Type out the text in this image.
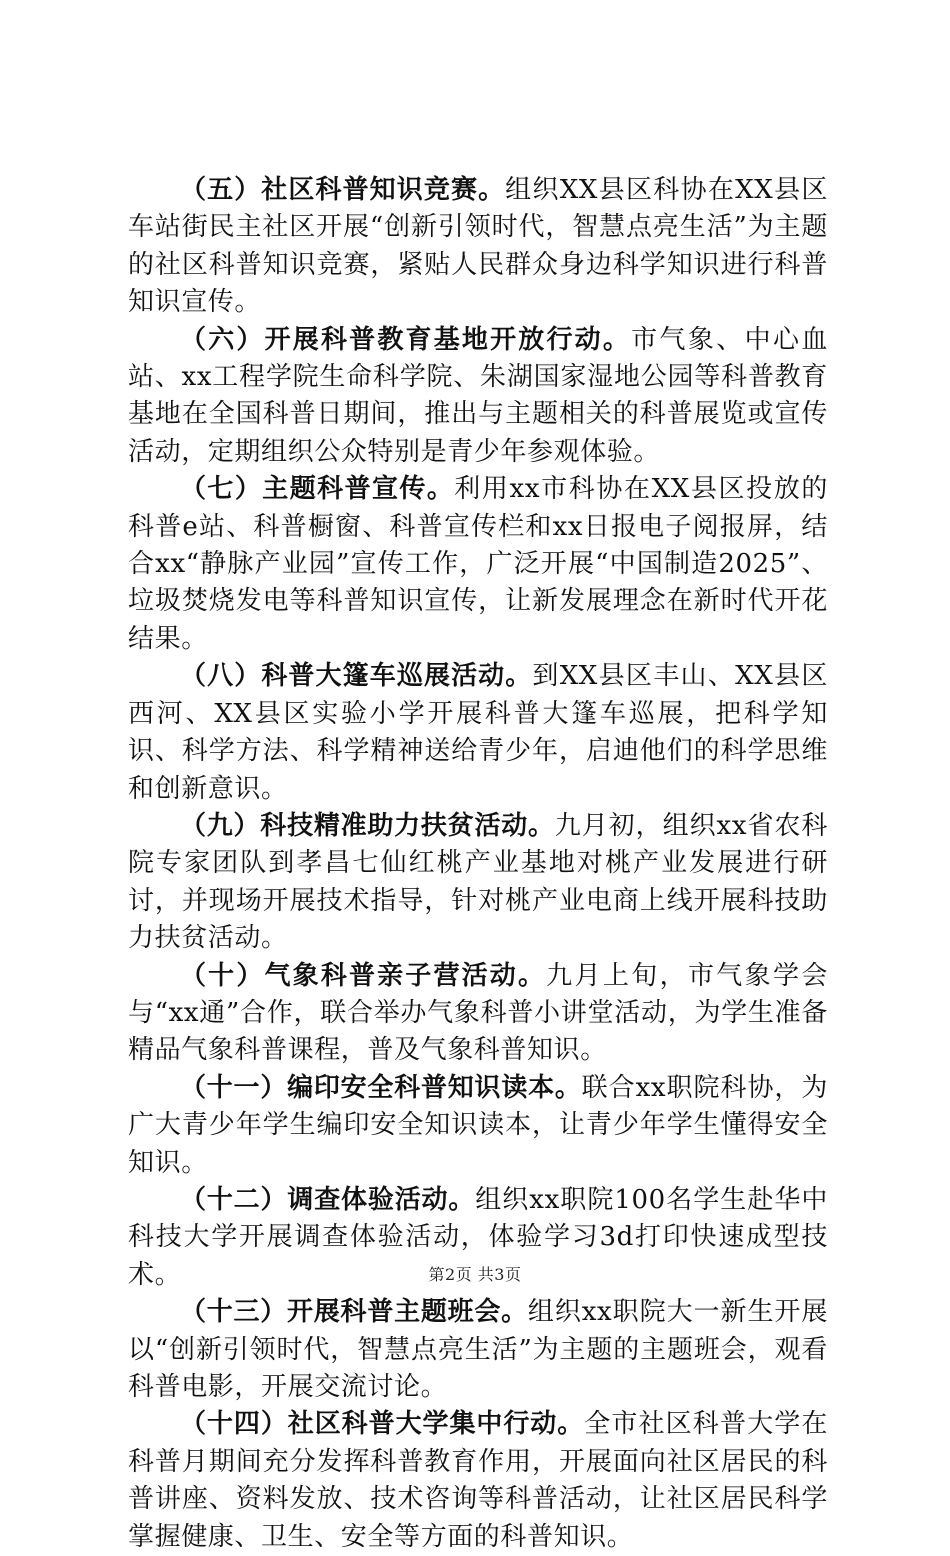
（五）社区科普知识竞赛。组织XX县区科协在XX县区车站街民主社区开展“创新引领时代，智慧点亮生活”为主题的社区科普知识竞赛，紧贴人民群众身边科学知识进行科普知识宣传。

（六）开展科普教育基地开放行动。市气象、中心血站、xx工程学院生命科学院、朱湖国家湿地公园等科普教育基地在全国科普日期间，推出与主题相关的科普展览或宣传活动，定期组织公众特别是青少年参观体验。

（七）主题科普宣传。利用xx市科协在XX县区投放的科普e站、科普橱窗、科普宣传栏和xx日报电子阅报屏，结合xx“静脉产业园”宣传工作，广泛开展“中国制造2025”、垃圾焚烧发电等科普知识宣传，让新发展理念在新时代开花结果。

（八）科普大篷车巡展活动。到XX县区丰山、XX县区西河、XX县区实验小学开展科普大篷车巡展，把科学知识、科学方法、科学精神送给青少年，启迪他们的科学思维和创新意识。

（九）科技精准助力扶贫活动。九月初，组织xx省农科院专家团队到孝昌七仙红桃产业基地对桃产业发展进行研讨，并现场开展技术指导，针对桃产业电商上线开展科技助力扶贫活动。

（十）气象科普亲子营活动。九月上旬，市气象学会与“xx通”合作，联合举办气象科普小讲堂活动，为学生准备精品气象科普课程，普及气象科普知识。

（十一）编印安全科普知识读本。联合xx职院科协，为广大青少年学生编印安全知识读本，让青少年学生懂得安全知识。

（十二）调查体验活动。组织xx职院100名学生赴华中科技大学开展调查体验活动，体验学习3d打印快速成型技术。

（十三）开展科普主题班会。组织xx职院大一新生开展以“创新引领时代，智慧点亮生活”为主题的主题班会，观看科普电影，开展交流讨论。

（十四）社区科普大学集中行动。全市社区科普大学在科普月期间充分发挥科普教育作用，开展面向社区居民的科普讲座、资料发放、技术咨询等科普活动，让社区居民科学掌握健康、卫生、安全等方面的科普知识。

第2页 共3页
